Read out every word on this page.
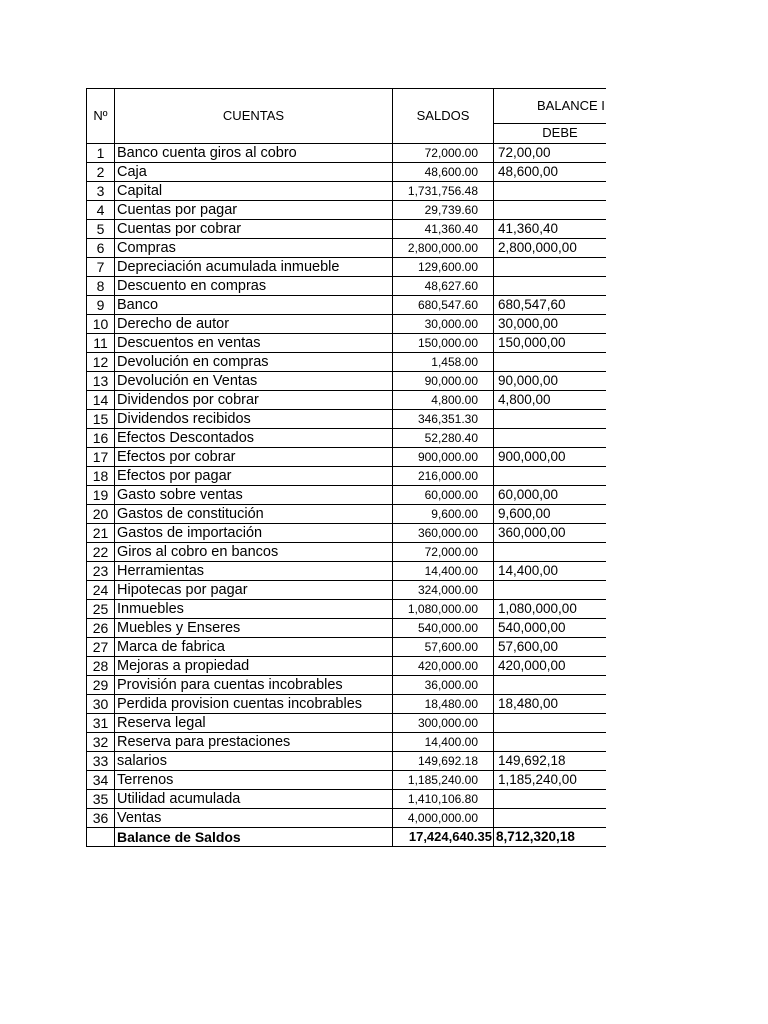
Nº	CUENTAS	SALDOS	BALANCE I
			DEBE
1	Banco cuenta giros al cobro	72,000.00	72,00,00
2	Caja	48,600.00	48,600,00
3	Capital	1,731,756.48	
4	Cuentas por pagar	29,739.60	
5	Cuentas por cobrar	41,360.40	41,360,40
6	Compras	2,800,000.00	2,800,000,00
7	Depreciación acumulada inmueble	129,600.00	
8	Descuento en compras	48,627.60	
9	Banco	680,547.60	680,547,60
10	Derecho de autor	30,000.00	30,000,00
11	Descuentos en ventas	150,000.00	150,000,00
12	Devolución en compras	1,458.00	
13	Devolución en Ventas	90,000.00	90,000,00
14	Dividendos por cobrar	4,800.00	4,800,00
15	Dividendos recibidos	346,351.30	
16	Efectos Descontados	52,280.40	
17	Efectos por cobrar	900,000.00	900,000,00
18	Efectos por pagar	216,000.00	
19	Gasto sobre ventas	60,000.00	60,000,00
20	Gastos de constitución	9,600.00	9,600,00
21	Gastos de importación	360,000.00	360,000,00
22	Giros al cobro en bancos	72,000.00	
23	Herramientas	14,400.00	14,400,00
24	Hipotecas por pagar	324,000.00	
25	Inmuebles	1,080,000.00	1,080,000,00
26	Muebles y Enseres	540,000.00	540,000,00
27	Marca de fabrica	57,600.00	57,600,00
28	Mejoras a propiedad	420,000.00	420,000,00
29	Provisión para cuentas incobrables	36,000.00	
30	Perdida provision cuentas incobrables	18,480.00	18,480,00
31	Reserva legal	300,000.00	
32	Reserva para prestaciones	14,400.00	
33	salarios	149,692.18	149,692,18
34	Terrenos	1,185,240.00	1,185,240,00
35	Utilidad acumulada	1,410,106.80	
36	Ventas	4,000,000.00	
	Balance de Saldos	17,424,640.35	8,712,320,18
